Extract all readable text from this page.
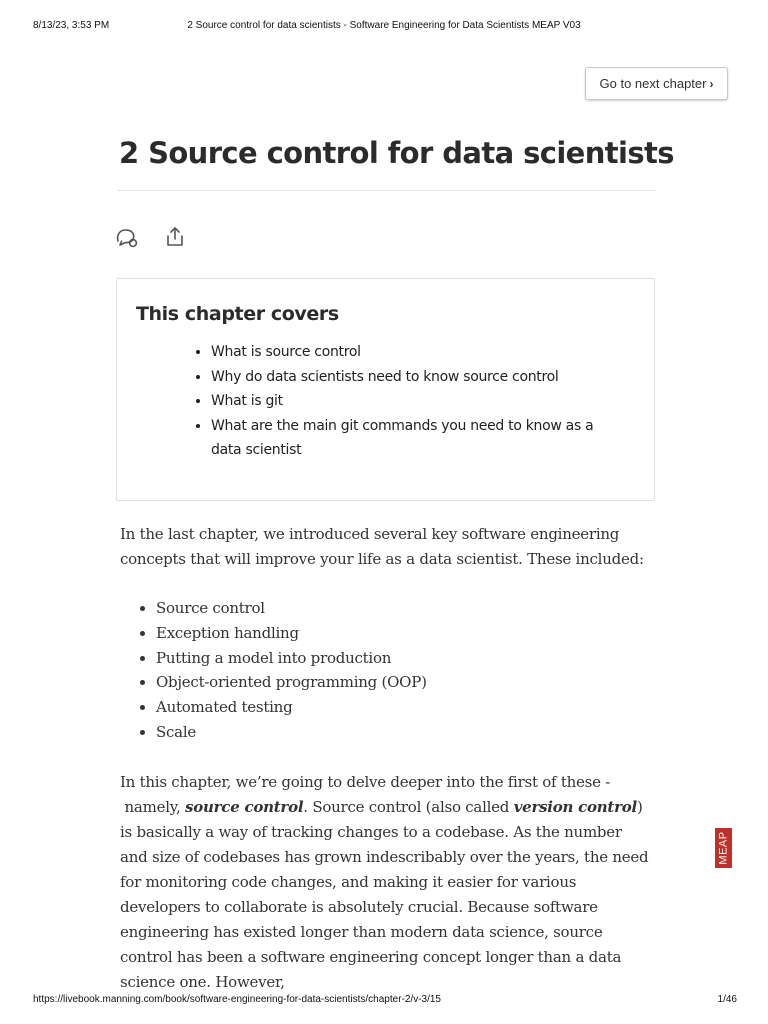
8/13/23, 3:53 PM	2 Source control for data scientists - Software Engineering for Data Scientists MEAP V03
Go to next chapter ›
2 Source control for data scientists
This chapter covers
• What is source control
• Why do data scientists need to know source control
• What is git
• What are the main git commands you need to know as a data scientist

In the last chapter, we introduced several key software engineering concepts that will improve your life as a data scientist. These included:

• Source control
• Exception handling
• Putting a model into production
• Object-oriented programming (OOP)
• Automated testing
• Scale

In this chapter, we’re going to delve deeper into the first of these - namely, source control. Source control (also called version control) is basically a way of tracking changes to a codebase. As the number and size of codebases has grown indescribably over the years, the need for monitoring code changes, and making it easier for various developers to collaborate is absolutely crucial. Because software engineering has existed longer than modern data science, source control has been a software engineering concept longer than a data science one. However,

MEAP
https://livebook.manning.com/book/software-engineering-for-data-scientists/chapter-2/v-3/15	1/46
